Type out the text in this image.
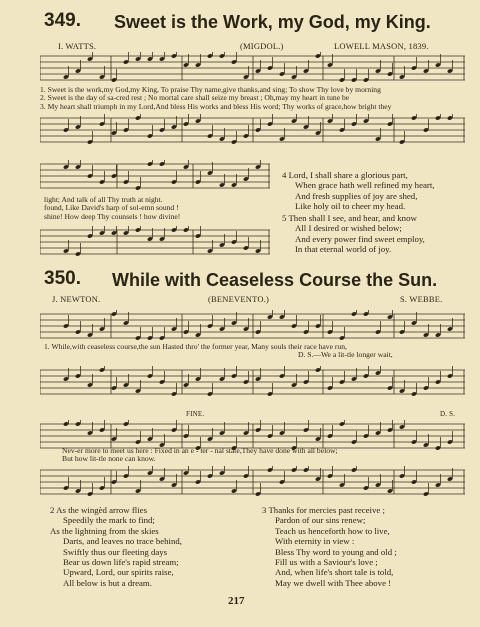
349. Sweet is the Work, my God, my King.
I. WATTS.	(MIGDOL.)	LOWELL MASON, 1839.
1. Sweet is the work,my God,my King, To praise Thy name,give thanks,and sing; To show Thy love by morning
2. Sweet is the day of sa-cred rest ; No mortal care shall seize my breast ; Oh,may my heart in tune be
3. My heart shall triumph in my Lord,And bless His works and bless His word; Thy works of grace,how bright they
light; And talk of all Thy truth at night.
found, Like David's harp of sol-emn sound !
shine! How deep Thy counsels ! how divine!
4 Lord, I shall share a glorious part,
When grace hath well refined my heart,
And fresh supplies of joy are shed,
Like holy oil to cheer my head.
5 Then shall I see, and hear, and know
All I desired or wished below;
And every power find sweet employ,
In that eternal world of joy.
350. While with Ceaseless Course the Sun.
J. NEWTON.	(BENEVENTO.)	S. WEBBE.
1. While,with ceaseless course,the sun Hasted thro' the former year, Many souls their race have run,
D. S.—We a lit-tle longer wait,
FINE.	D. S.
Nev-er more to meet us here : Fixed in an e - ter - nal state,They have done with all below;
But how lit-tle none can know.
2 As the wingèd arrow flies
Speedily the mark to find;
As the lightning from the skies
Darts, and leaves no trace behind,
Swiftly thus our fleeting days
Bear us down life's rapid stream;
Upward, Lord, our spirits raise,
All below is but a dream.
3 Thanks for mercies past receive ;
Pardon of our sins renew;
Teach us henceforth how to live,
With eternity in view :
Bless Thy word to young and old ;
Fill us with a Saviour's love ;
And, when life's short tale is told,
May we dwell with Thee above !
217
